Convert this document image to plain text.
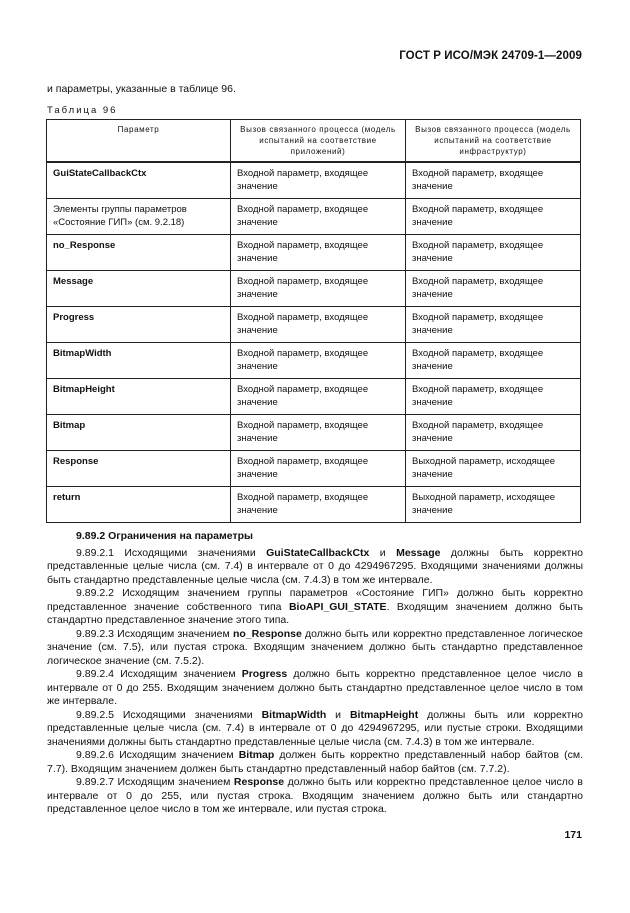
ГОСТ Р ИСО/МЭК 24709-1—2009
и параметры, указанные в таблице 96.
Таблица 96
Параметр	Вызов связанного процесса (модель испытаний на соответствие приложений)	Вызов связанного процесса (модель испытаний на соответствие инфраструктур)
GuiStateCallbackCtx	Входной параметр, входящее значение	Входной параметр, входящее значение
Элементы группы параметров «Состояние ГИП» (см. 9.2.18)	Входной параметр, входящее значение	Входной параметр, входящее значение
no_Response	Входной параметр, входящее значение	Входной параметр, входящее значение
Message	Входной параметр, входящее значение	Входной параметр, входящее значение
Progress	Входной параметр, входящее значение	Входной параметр, входящее значение
BitmapWidth	Входной параметр, входящее значение	Входной параметр, входящее значение
BitmapHeight	Входной параметр, входящее значение	Входной параметр, входящее значение
Bitmap	Входной параметр, входящее значение	Входной параметр, входящее значение
Response	Входной параметр, входящее значение	Выходной параметр, исходящее значение
return	Входной параметр, входящее значение	Выходной параметр, исходящее значение

9.89.2 Ограничения на параметры

9.89.2.1 Исходящими значениями GuiStateCallbackCtx и Message должны быть корректно представленные целые числа (см. 7.4) в интервале от 0 до 4294967295. Входящими значениями должны быть стандартно представленные целые числа (см. 7.4.3) в том же интервале.

9.89.2.2 Исходящим значением группы параметров «Состояние ГИП» должно быть корректно представленное значение собственного типа BioAPI_GUI_STATE. Входящим значением должно быть стандартно представленное значение этого типа.

9.89.2.3 Исходящим значением no_Response должно быть или корректно представленное логическое значение (см. 7.5), или пустая строка. Входящим значением должно быть стандартно представленное логическое значение (см. 7.5.2).

9.89.2.4 Исходящим значением Progress должно быть корректно представленное целое число в интервале от 0 до 255. Входящим значением должно быть стандартно представленное целое число в том же интервале.

9.89.2.5 Исходящими значениями BitmapWidth и BitmapHeight должны быть или корректно представленные целые числа (см. 7.4) в интервале от 0 до 4294967295, или пустые строки. Входящими значениями должны быть стандартно представленные целые числа (см. 7.4.3) в том же интервале.

9.89.2.6 Исходящим значением Bitmap должен быть корректно представленный набор байтов (см. 7.7). Входящим значением должен быть стандартно представленный набор байтов (см. 7.7.2).

9.89.2.7 Исходящим значением Response должно быть или корректно представленное целое число в интервале от 0 до 255, или пустая строка. Входящим значением должно быть или стандартно представленное целое число в том же интервале, или пустая строка.

171
